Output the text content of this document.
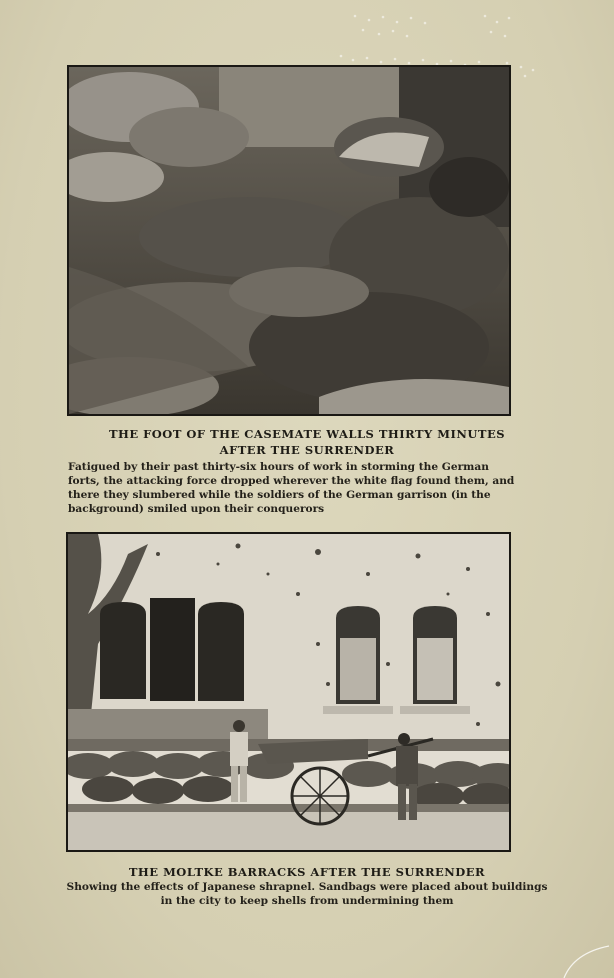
THE FOOT OF THE CASEMATE WALLS THIRTY MINUTES
AFTER THE SURRENDER
Fatigued by their past thirty-six hours of work in storming the German forts, the attacking force dropped wherever the white flag found them, and there they slumbered while the soldiers of the German garrison (in the background) smiled upon their conquerors
THE MOLTKE BARRACKS AFTER THE SURRENDER
Showing the effects of Japanese shrapnel. Sandbags were placed about buildings in the city to keep shells from undermining them
